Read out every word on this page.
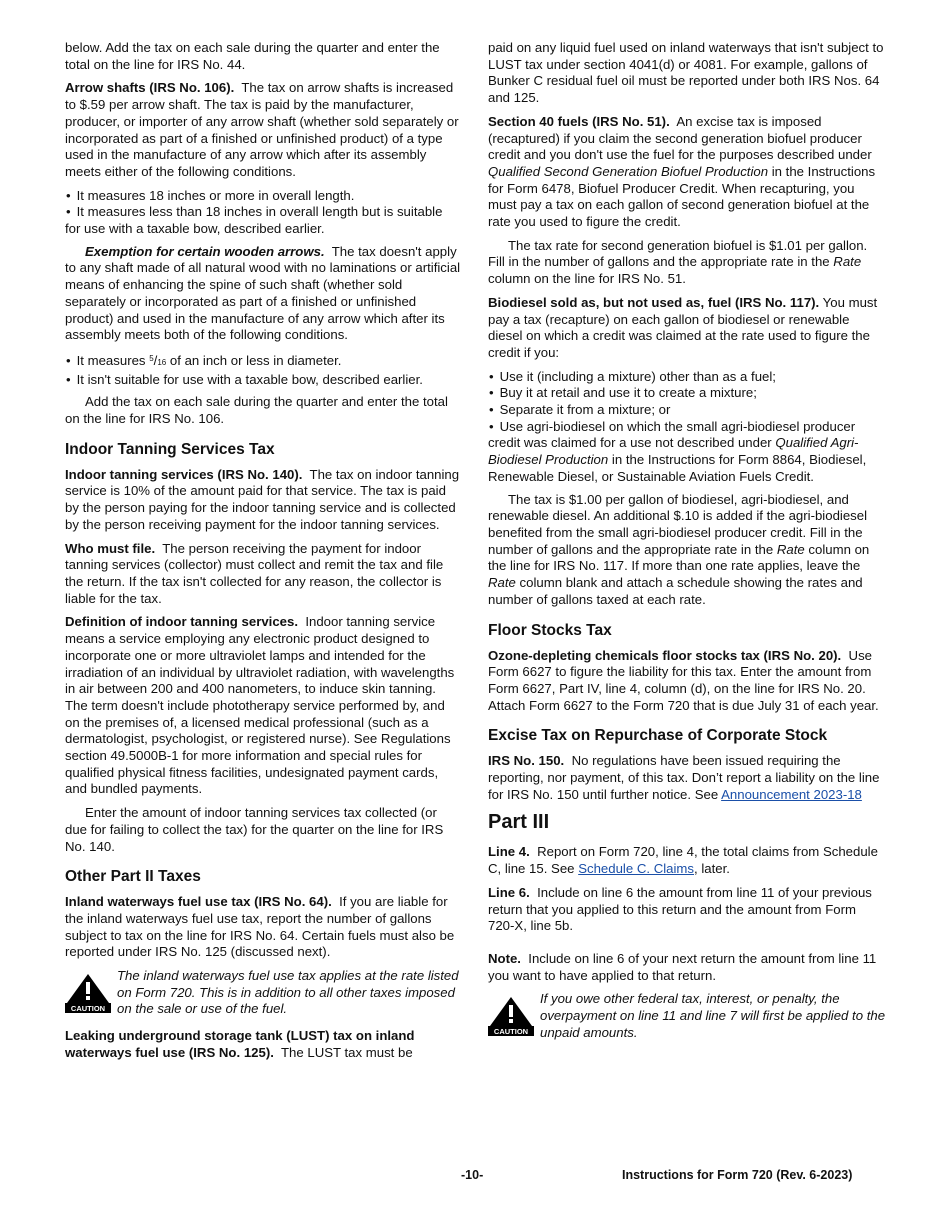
below. Add the tax on each sale during the quarter and enter the total on the line for IRS No. 44.

Arrow shafts (IRS No. 106). The tax on arrow shafts is increased to $.59 per arrow shaft. The tax is paid by the manufacturer, producer, or importer of any arrow shaft (whether sold separately or incorporated as part of a finished or unfinished product) of a type used in the manufacture of any arrow which after its assembly meets either of the following conditions.

• It measures 18 inches or more in overall length.

• It measures less than 18 inches in overall length but is suitable for use with a taxable bow, described earlier.

Exemption for certain wooden arrows. The tax doesn't apply to any shaft made of all natural wood with no laminations or artificial means of enhancing the spine of such shaft (whether sold separately or incorporated as part of a finished or unfinished product) and used in the manufacture of any arrow which after its assembly meets both of the following conditions.

• It measures $^5$/16 of an inch or less in diameter.

• It isn't suitable for use with a taxable bow, described earlier.

Add the tax on each sale during the quarter and enter the total on the line for IRS No. 106.

Indoor Tanning Services Tax

Indoor tanning services (IRS No. 140). The tax on indoor tanning service is 10% of the amount paid for that service. The tax is paid by the person paying for the indoor tanning service and is collected by the person receiving payment for the indoor tanning services.

Who must file. The person receiving the payment for indoor tanning services (collector) must collect and remit the tax and file the return. If the tax isn't collected for any reason, the collector is liable for the tax.

Definition of indoor tanning services. Indoor tanning service means a service employing any electronic product designed to incorporate one or more ultraviolet lamps and intended for the irradiation of an individual by ultraviolet radiation, with wavelengths in air between 200 and 400 nanometers, to induce skin tanning. The term doesn't include phototherapy service performed by, and on the premises of, a licensed medical professional (such as a dermatologist, psychologist, or registered nurse). See Regulations section 49.5000B-1 for more information and special rules for qualified physical fitness facilities, undesignated payment cards, and bundled payments.

Enter the amount of indoor tanning services tax collected (or due for failing to collect the tax) for the quarter on the line for IRS No. 140.

Other Part II Taxes

Inland waterways fuel use tax (IRS No. 64). If you are liable for the inland waterways fuel use tax, report the number of gallons subject to tax on the line for IRS No. 64. Certain fuels must also be reported under IRS No. 125 (discussed next).

CAUTION

The inland waterways fuel use tax applies at the rate listed on Form 720. This is in addition to all other taxes imposed on the sale or use of the fuel.

Leaking underground storage tank (LUST) tax on inland waterways fuel use (IRS No. 125). The LUST tax must be

paid on any liquid fuel used on inland waterways that isn't subject to LUST tax under section 4041(d) or 4081. For example, gallons of Bunker C residual fuel oil must be reported under both IRS Nos. 64 and 125.

Section 40 fuels (IRS No. 51). An excise tax is imposed (recaptured) if you claim the second generation biofuel producer credit and you don't use the fuel for the purposes described under Qualified Second Generation Biofuel Production in the Instructions for Form 6478, Biofuel Producer Credit. When recapturing, you must pay a tax on each gallon of second generation biofuel at the rate you used to figure the credit.

The tax rate for second generation biofuel is $1.01 per gallon. Fill in the number of gallons and the appropriate rate in the Rate column on the line for IRS No. 51.

Biodiesel sold as, but not used as, fuel (IRS No. 117). You must pay a tax (recapture) on each gallon of biodiesel or renewable diesel on which a credit was claimed at the rate used to figure the credit if you:

• Use it (including a mixture) other than as a fuel;

• Buy it at retail and use it to create a mixture;

• Separate it from a mixture; or

• Use agri-biodiesel on which the small agri-biodiesel producer credit was claimed for a use not described under Qualified Agri-Biodiesel Production in the Instructions for Form 8864, Biodiesel, Renewable Diesel, or Sustainable Aviation Fuels Credit.

The tax is $1.00 per gallon of biodiesel, agri-biodiesel, and renewable diesel. An additional $.10 is added if the agri-biodiesel benefited from the small agri-biodiesel producer credit. Fill in the number of gallons and the appropriate rate in the Rate column on the line for IRS No. 117. If more than one rate applies, leave the Rate column blank and attach a schedule showing the rates and number of gallons taxed at each rate.

Floor Stocks Tax

Ozone-depleting chemicals floor stocks tax (IRS No. 20). Use Form 6627 to figure the liability for this tax. Enter the amount from Form 6627, Part IV, line 4, column (d), on the line for IRS No. 20. Attach Form 6627 to the Form 720 that is due July 31 of each year.

Excise Tax on Repurchase of Corporate Stock

IRS No. 150. No regulations have been issued requiring the reporting, nor payment, of this tax. Don’t report a liability on the line for IRS No. 150 until further notice. See Announcement 2023-18

Part III

Line 4. Report on Form 720, line 4, the total claims from Schedule C, line 15. See Schedule C. Claims, later.

Line 6. Include on line 6 the amount from line 11 of your previous return that you applied to this return and the amount from Form 720-X, line 5b.

Note. Include on line 6 of your next return the amount from line 11 you want to have applied to that return.

CAUTION

If you owe other federal tax, interest, or penalty, the overpayment on line 11 and line 7 will first be applied to the unpaid amounts.

-10-	Instructions for Form 720 (Rev. 6-2023)
